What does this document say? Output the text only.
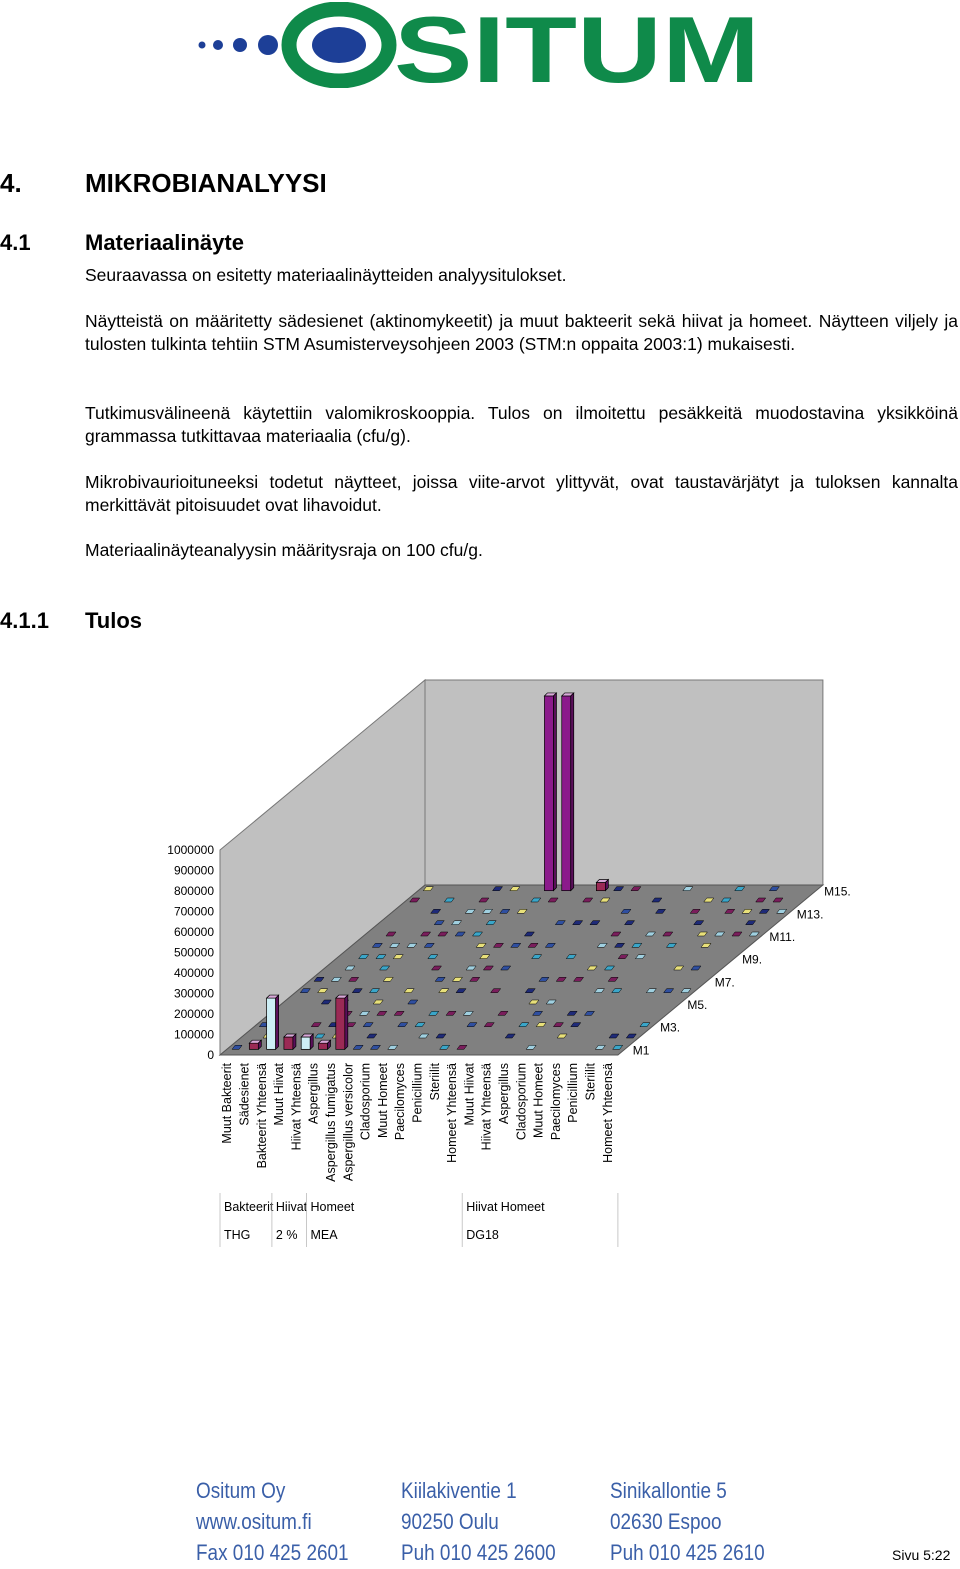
SITUM
4. MIKROBIANALYYSI
4.1 Materiaalinäyte
Seuraavassa on esitetty materiaalinäytteiden analyysitulokset.
Näytteistä on määritetty sädesienet (aktinomykeetit) ja muut bakteerit sekä hiivat ja homeet. Näytteen viljely ja tulosten tulkinta tehtiin STM Asumisterveysohjeen 2003 (STM:n oppaita 2003:1) mukaisesti.
Tutkimusvälineenä käytettiin valomikroskooppia. Tulos on ilmoitettu pesäkkeitä muodostavina yksikköinä grammassa tutkittavaa materiaalia (cfu/g).
Mikrobivaurioituneeksi todetut näytteet, joissa viite-arvot ylittyvät, ovat taustavärjätyt ja tuloksen kannalta merkittävät pitoisuudet ovat lihavoidut.
Materiaalinäyteanalyysin määritysraja on 100 cfu/g.
4.1.1 Tulos
1000000
900000
800000
700000
600000
500000
400000
300000
200000
100000
0	M1
M3.
M5.
M7.
M9.
M11.
M13.
M15.
Muut Bakteerit Sädesienet Bakteerit Yhteensä Muut Hiivat Hiivat Yhteensä Aspergillus Aspergillus fumigatus Aspergillus versicolor Cladosporium Muut Homeet Paecilomyces Penicillium Steriilit Homeet Yhteensä Muut Hiivat Hiivat Yhteensä Aspergillus Cladosporium Muut Homeet Paecilomyces Penicillium Steriilit Homeet Yhteensä
Bakteerit Hiivat Homeet	Hiivat Homeet
THG 2 % MEA	DG18
Ositum Oy
www.ositum.fi
Fax 010 425 2601
Kiilakiventie 1
90250 Oulu
Puh 010 425 2600
Sinikallontie 5
02630 Espoo
Puh 010 425 2610	Sivu 5:22
